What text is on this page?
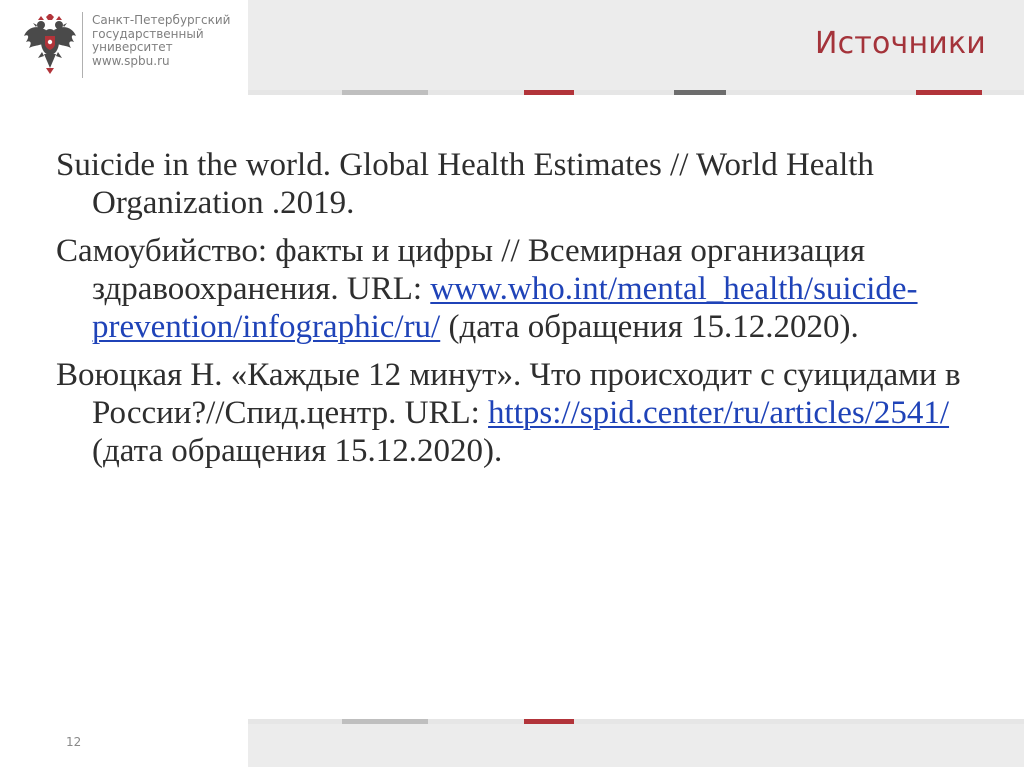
Источники
Санкт-Петербургский
государственный
университет
www.spbu.ru
Suicide in the world. Global Health Estimates // World Health Organization .2019.
Самоубийство: факты и цифры // Всемирная организация здравоохранения. URL: www.who.int/mental_health/suicide-prevention/infographic/ru/ (дата обращения 15.12.2020).
Воюцкая Н. «Каждые 12 минут». Что происходит с суицидами в России?//Спид.центр. URL: https://spid.center/ru/articles/2541/ (дата обращения 15.12.2020).
12
